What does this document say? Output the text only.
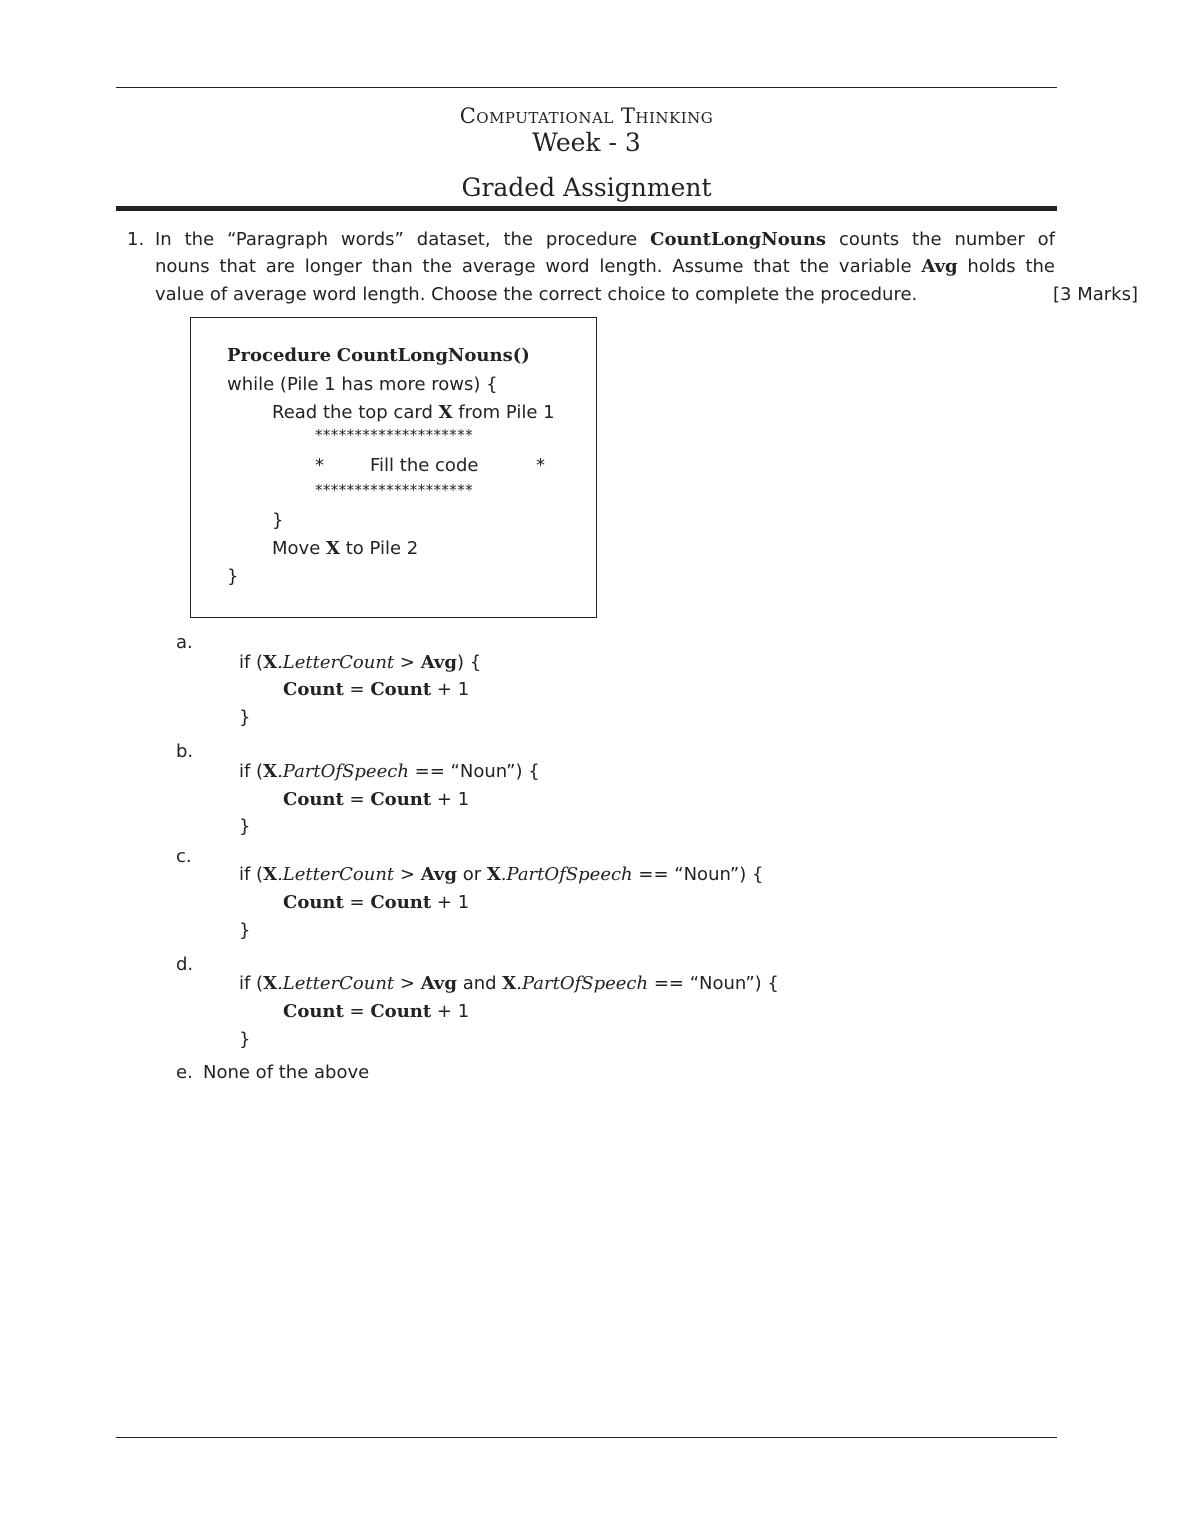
Computational Thinking
Week - 3
Graded Assignment
1. In the “Paragraph words” dataset, the procedure CountLongNouns counts the number of
nouns that are longer than the average word length. Assume that the variable Avg holds the
value of average word length. Choose the correct choice to complete the procedure.	[3 Marks]
Procedure CountLongNouns()
while (Pile 1 has more rows) {
Read the top card X from Pile 1
********************
*	Fill the code	*
********************
}
Move X to Pile 2
}
a.
if (X.LetterCount > Avg) {
Count = Count + 1
}
b.
if (X.PartOfSpeech == “Noun”) {
Count = Count + 1
}
c.
if (X.LetterCount > Avg or X.PartOfSpeech == “Noun”) {
Count = Count + 1
}
d.
if (X.LetterCount > Avg and X.PartOfSpeech == “Noun”) {
Count = Count + 1
}
e. None of the above
